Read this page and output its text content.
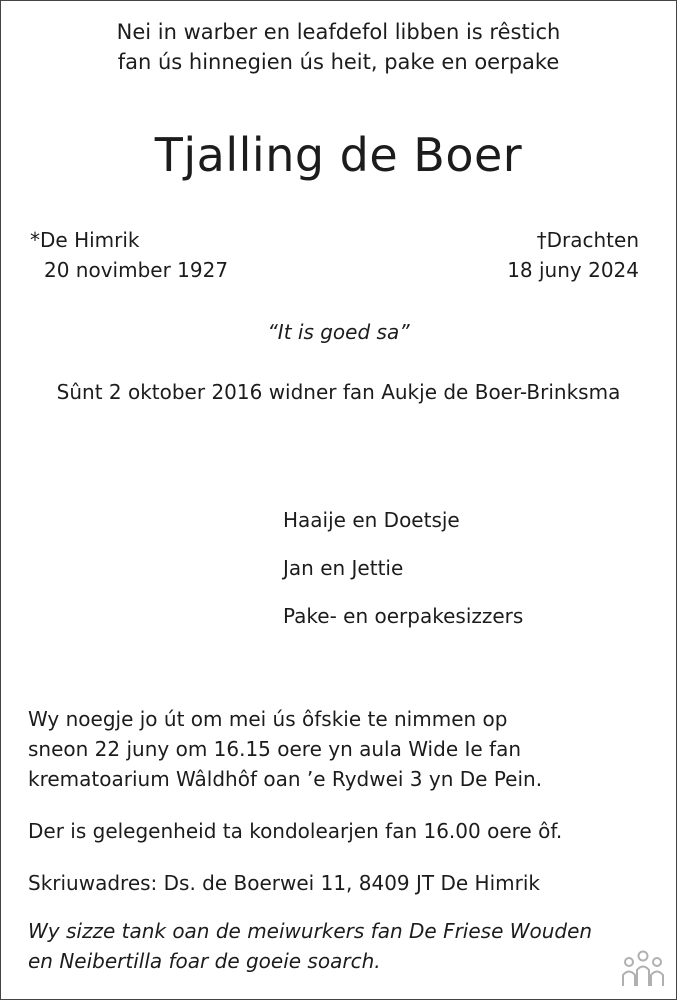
Nei in warber en leafdefol libben is rêstich
fan ús hinnegien ús heit, pake en oerpake
Tjalling de Boer
*De Himrik
20 novimber 1927
†Drachten
18 juny 2024
“It is goed sa”
Sûnt 2 oktober 2016 widner fan Aukje de Boer-Brinksma
Haaije en Doetsje
Jan en Jettie
Pake- en oerpakesizzers
Wy noegje jo út om mei ús ôfskie te nimmen op
sneon 22 juny om 16.15 oere yn aula Wide Ie fan
krematoarium Wâldhôf oan ’e Rydwei 3 yn De Pein.
Der is gelegenheid ta kondolearjen fan 16.00 oere ôf.
Skriuwadres: Ds. de Boerwei 11, 8409 JT De Himrik
Wy sizze tank oan de meiwurkers fan De Friese Wouden
en Neibertilla foar de goeie soarch.
